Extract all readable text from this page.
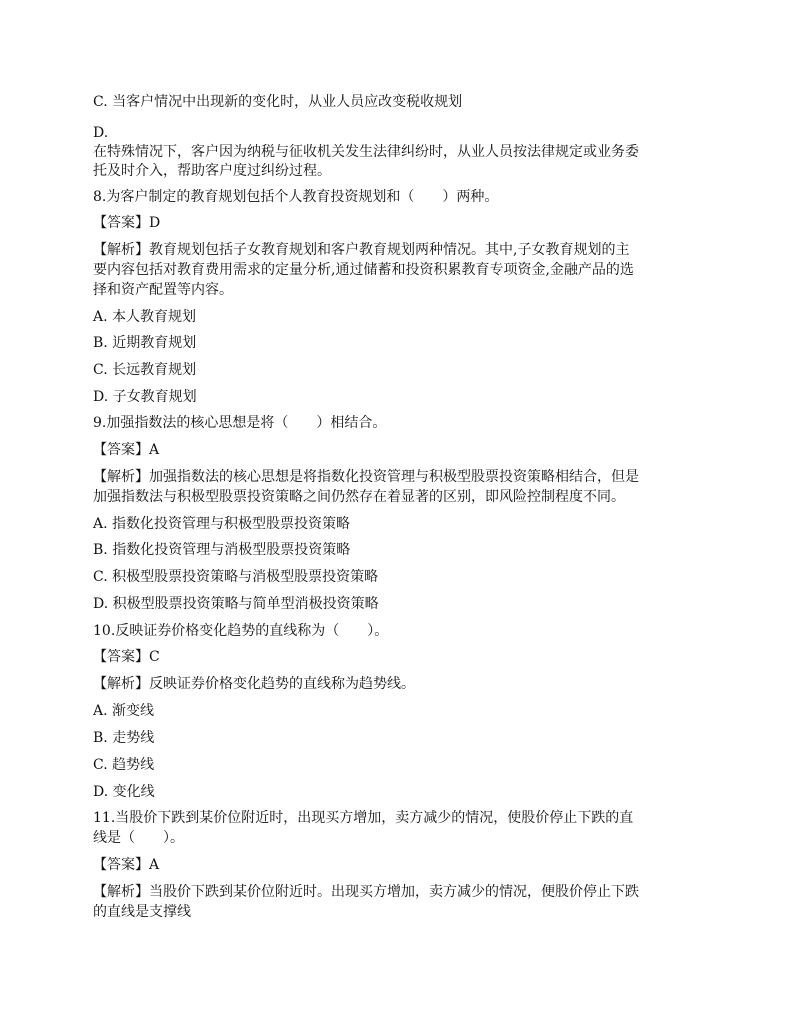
C. 当客户情况中出现新的变化时，从业人员应改变税收规划
D.
在特殊情况下，客户因为纳税与征收机关发生法律纠纷时，从业人员按法律规定或业务委
托及时介入，帮助客户度过纠纷过程。
8.为客户制定的教育规划包括个人教育投资规划和（　　）两种。
【答案】D
【解析】教育规划包括子女教育规划和客户教育规划两种情况。其中,子女教育规划的主
要内容包括对教育费用需求的定量分析,通过储蓄和投资积累教育专项资金,金融产品的选
择和资产配置等内容。
A. 本人教育规划
B. 近期教育规划
C. 长远教育规划
D. 子女教育规划
9.加强指数法的核心思想是将（　　）相结合。
【答案】A
【解析】加强指数法的核心思想是将指数化投资管理与积极型股票投资策略相结合，但是
加强指数法与积极型股票投资策略之间仍然存在着显著的区别，即风险控制程度不同。
A. 指数化投资管理与积极型股票投资策略
B. 指数化投资管理与消极型股票投资策略
C. 积极型股票投资策略与消极型股票投资策略
D. 积极型股票投资策略与简单型消极投资策略
10.反映证券价格变化趋势的直线称为（　　）。
【答案】C
【解析】反映证券价格变化趋势的直线称为趋势线。
A. 渐变线
B. 走势线
C. 趋势线
D. 变化线
11.当股价下跌到某价位附近时，出现买方增加，卖方减少的情况，使股价停止下跌的直
线是（　　）。
【答案】A
【解析】当股价下跌到某价位附近时。出现买方增加，卖方减少的情况，便股价停止下跌
的直线是支撑线
